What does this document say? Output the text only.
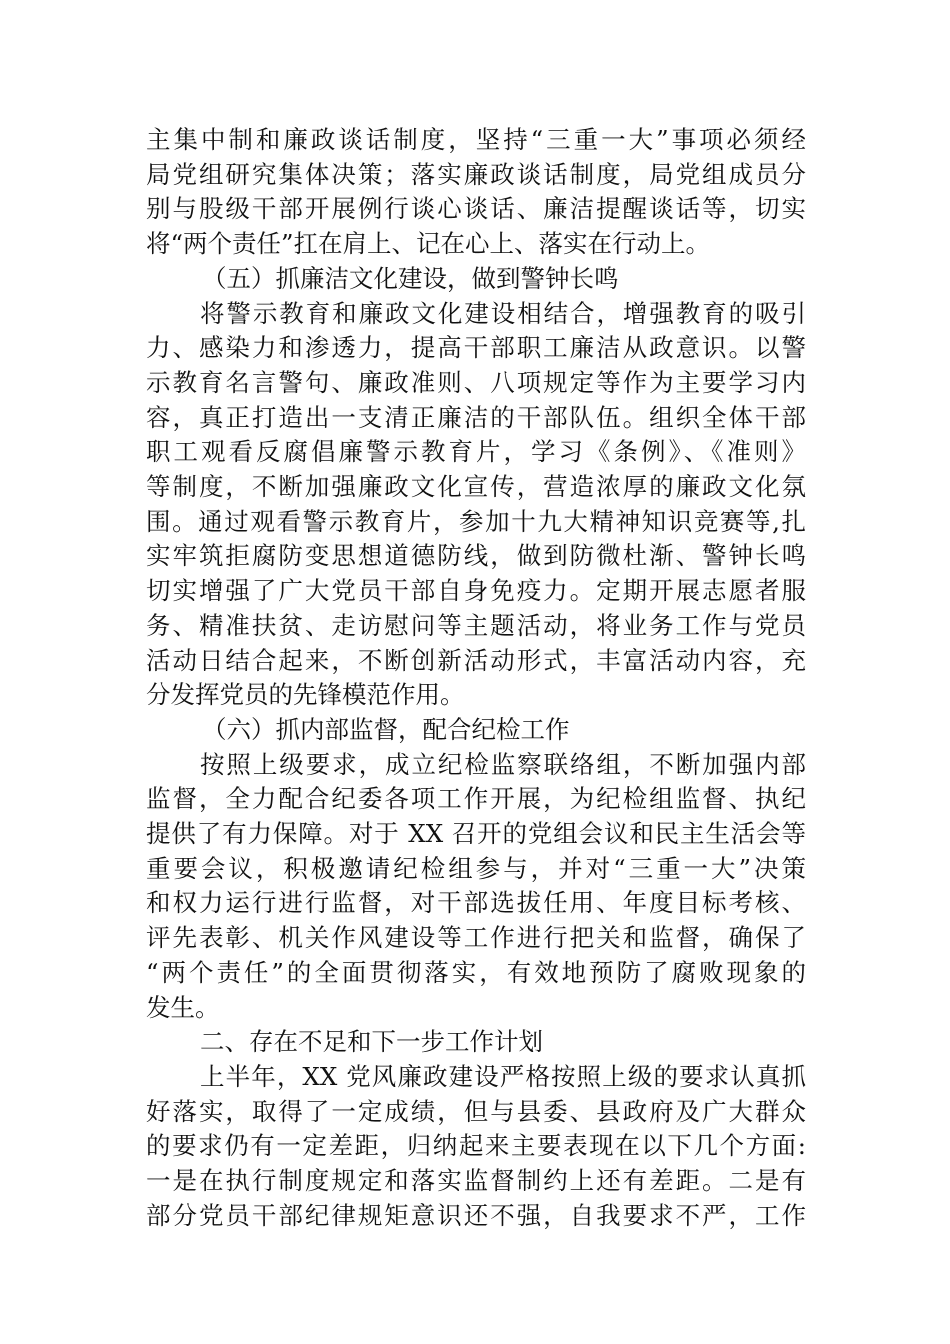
主集中制和廉政谈话制度，坚持“三重一大”事项必须经
局党组研究集体决策；落实廉政谈话制度，局党组成员分
别与股级干部开展例行谈心谈话、廉洁提醒谈话等，切实
将“两个责任”扛在肩上、记在心上、落实在行动上。
（五）抓廉洁文化建设，做到警钟长鸣
将警示教育和廉政文化建设相结合，增强教育的吸引
力、感染力和渗透力，提高干部职工廉洁从政意识。以警
示教育名言警句、廉政准则、八项规定等作为主要学习内
容，真正打造出一支清正廉洁的干部队伍。组织全体干部
职工观看反腐倡廉警示教育片，学习《条例》、《准则》
等制度，不断加强廉政文化宣传，营造浓厚的廉政文化氛
围。通过观看警示教育片，参加十九大精神知识竞赛等,扎
实牢筑拒腐防变思想道德防线，做到防微杜渐、警钟长鸣
切实增强了广大党员干部自身免疫力。定期开展志愿者服
务、精准扶贫、走访慰问等主题活动，将业务工作与党员
活动日结合起来，不断创新活动形式，丰富活动内容，充
分发挥党员的先锋模范作用。
（六）抓内部监督，配合纪检工作
按照上级要求，成立纪检监察联络组，不断加强内部
监督，全力配合纪委各项工作开展，为纪检组监督、执纪
提供了有力保障。对于 XX 召开的党组会议和民主生活会等
重要会议，积极邀请纪检组参与，并对“三重一大”决策
和权力运行进行监督，对干部选拔任用、年度目标考核、
评先表彰、机关作风建设等工作进行把关和监督，确保了
“两个责任”的全面贯彻落实，有效地预防了腐败现象的
发生。
二、存在不足和下一步工作计划
上半年，XX 党风廉政建设严格按照上级的要求认真抓
好落实，取得了一定成绩，但与县委、县政府及广大群众
的要求仍有一定差距，归纳起来主要表现在以下几个方面:
一是在执行制度规定和落实监督制约上还有差距。二是有
部分党员干部纪律规矩意识还不强，自我要求不严，工作
